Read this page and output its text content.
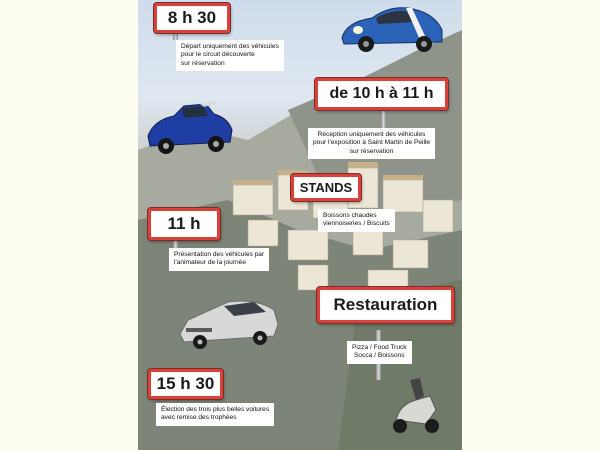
8 h 30
de 10 h à 11 h
STANDS
11 h
Restauration
15 h 30
Départ uniquement des véhicules
pour le circuit découverte
sur réservation
Réception uniquement des véhicules
pour l'exposition à Saint Martin de Peille
sur réservation
Boissons chaudes
viennoiseries / Biscuits
Présentation des véhicules par
l'animateur de la journée
Pizza / Food Truck
Socca / Boissons
Élection des trois plus belles voitures
avec remise des trophées
